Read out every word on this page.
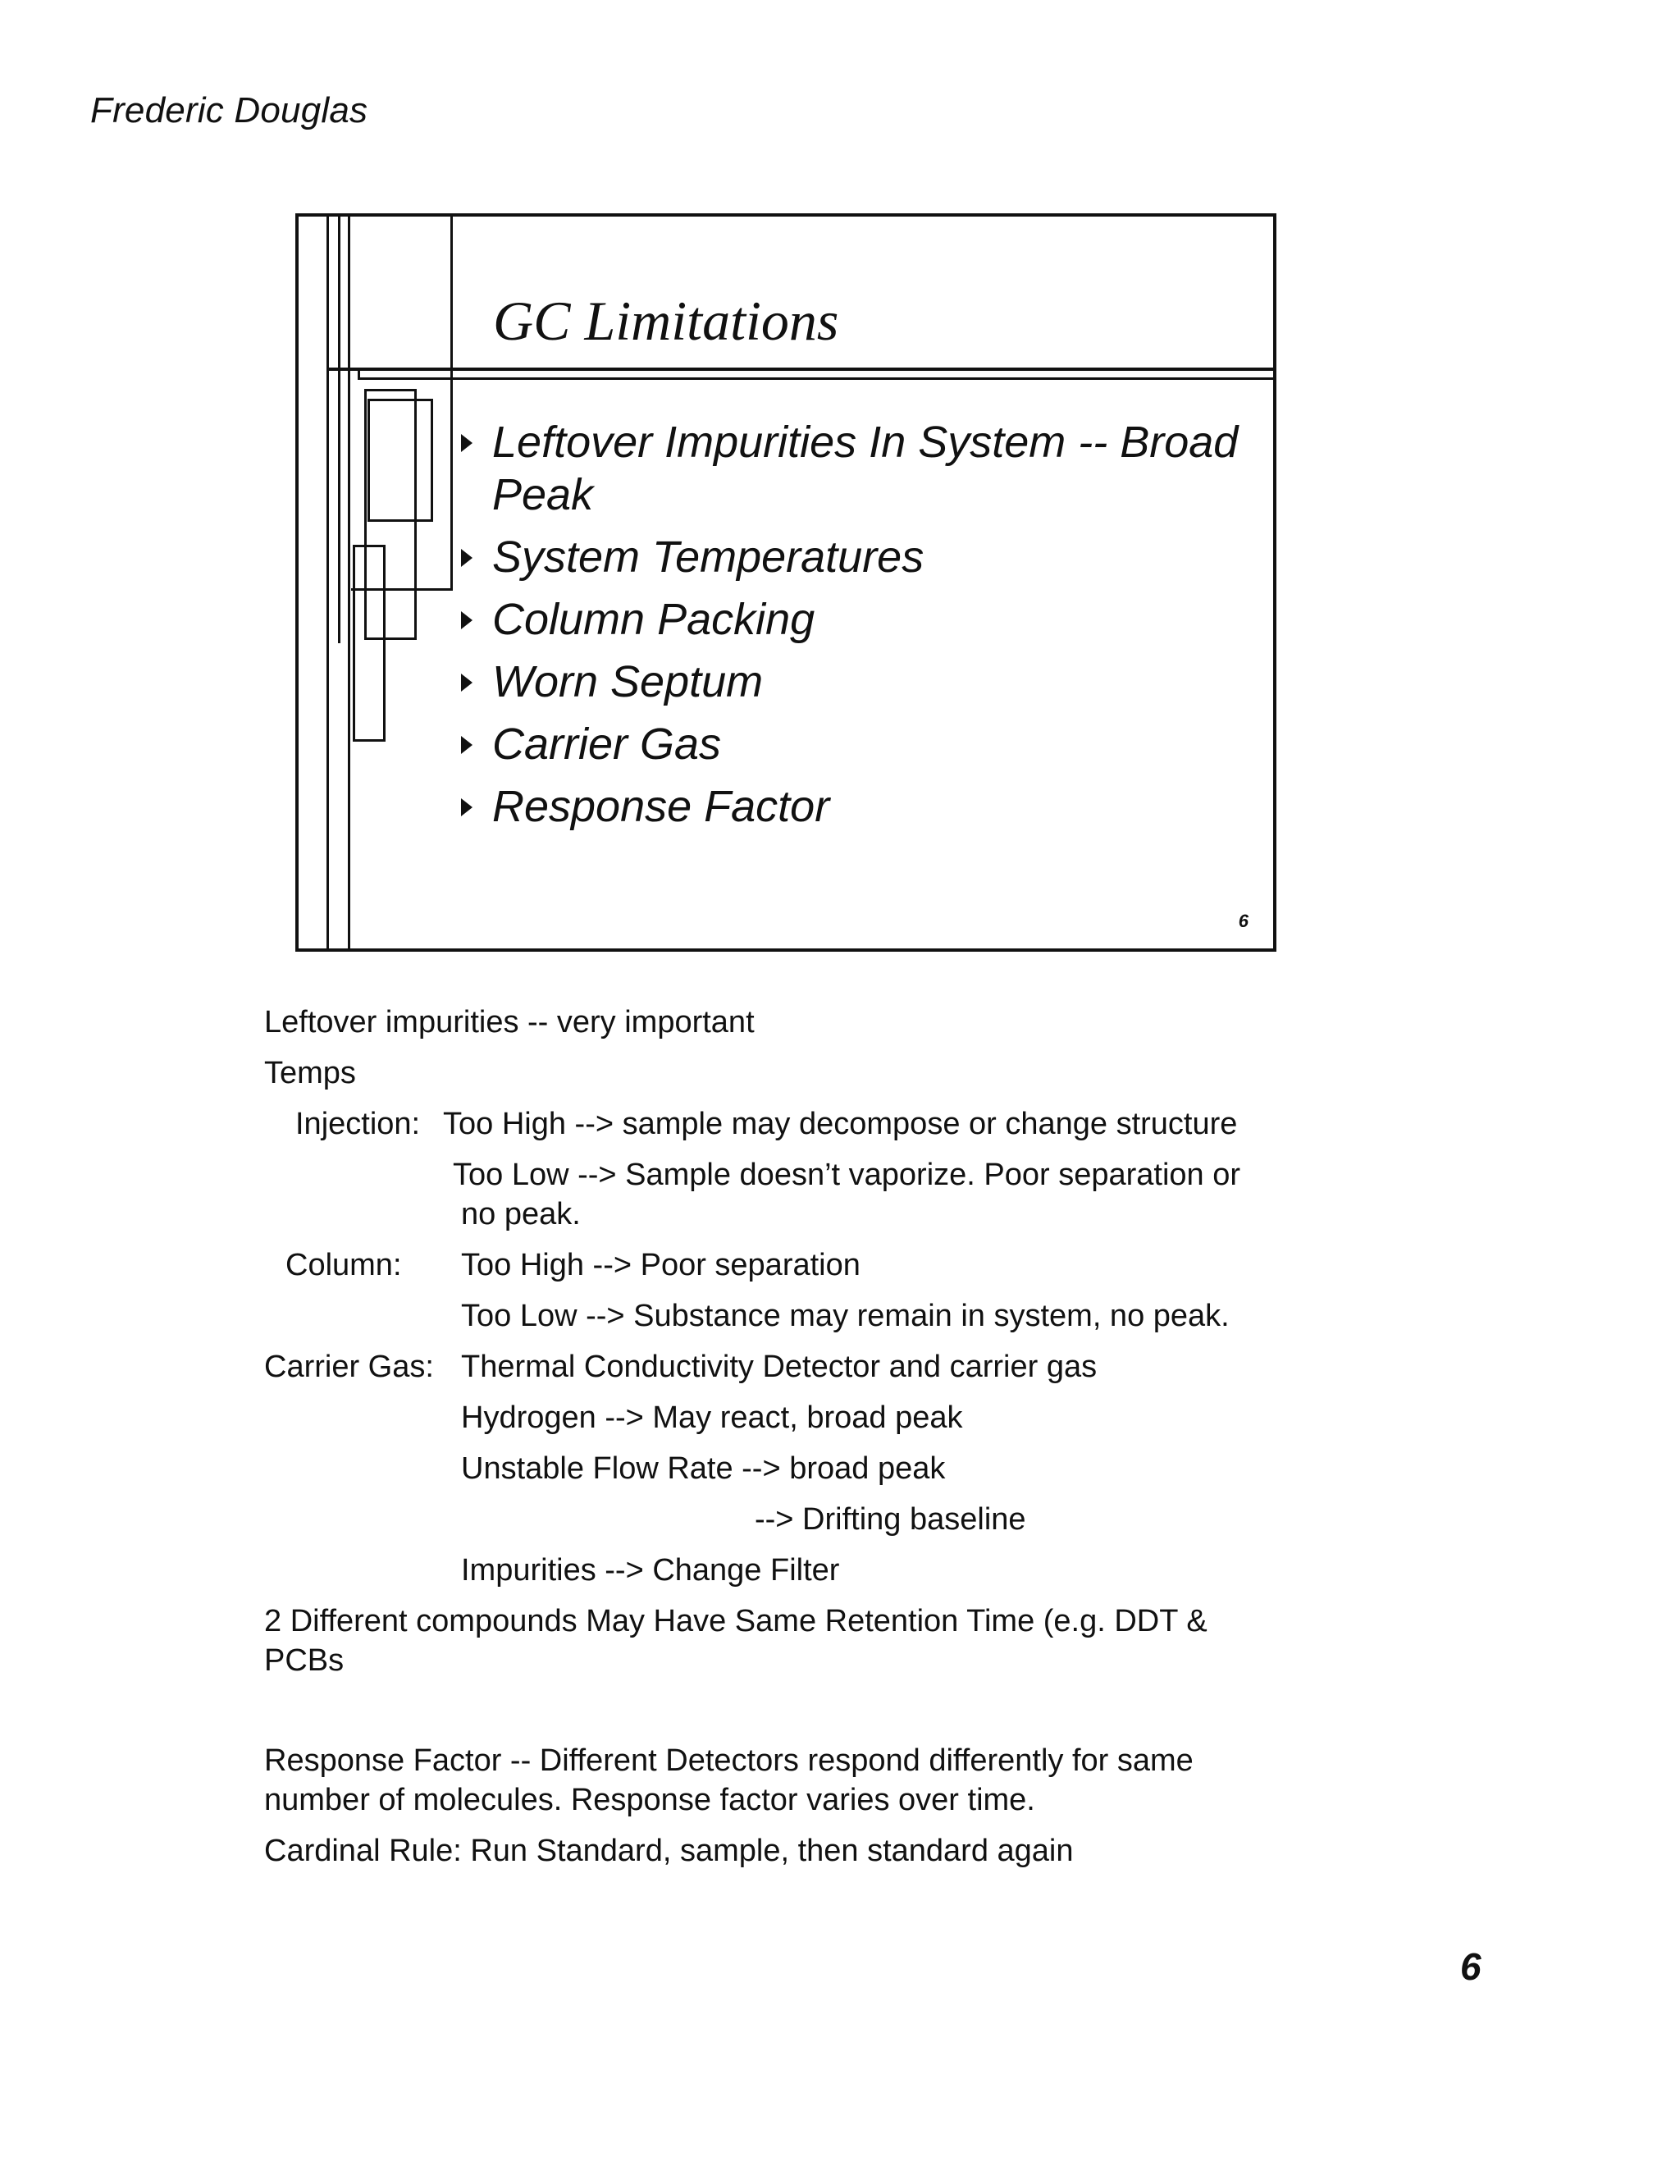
Frederic Douglas
GC Limitations
Leftover Impurities In System -- Broad Peak
System Temperatures
Column Packing
Worn Septum
Carrier Gas
Response Factor
6
Leftover impurities -- very important
Temps
Injection: Too High --> sample may decompose or change structure
Too Low --> Sample doesn’t vaporize. Poor separation or
no peak.
Column: Too High --> Poor separation
Too Low --> Substance may remain in system, no peak.
Carrier Gas: Thermal Conductivity Detector and carrier gas
Hydrogen --> May react, broad peak
Unstable Flow Rate --> broad peak
--> Drifting baseline
Impurities --> Change Filter
2 Different compounds May Have Same Retention Time (e.g. DDT &
PCBs
Response Factor -- Different Detectors respond differently for same
number of molecules. Response factor varies over time.
Cardinal Rule: Run Standard, sample, then standard again
6
